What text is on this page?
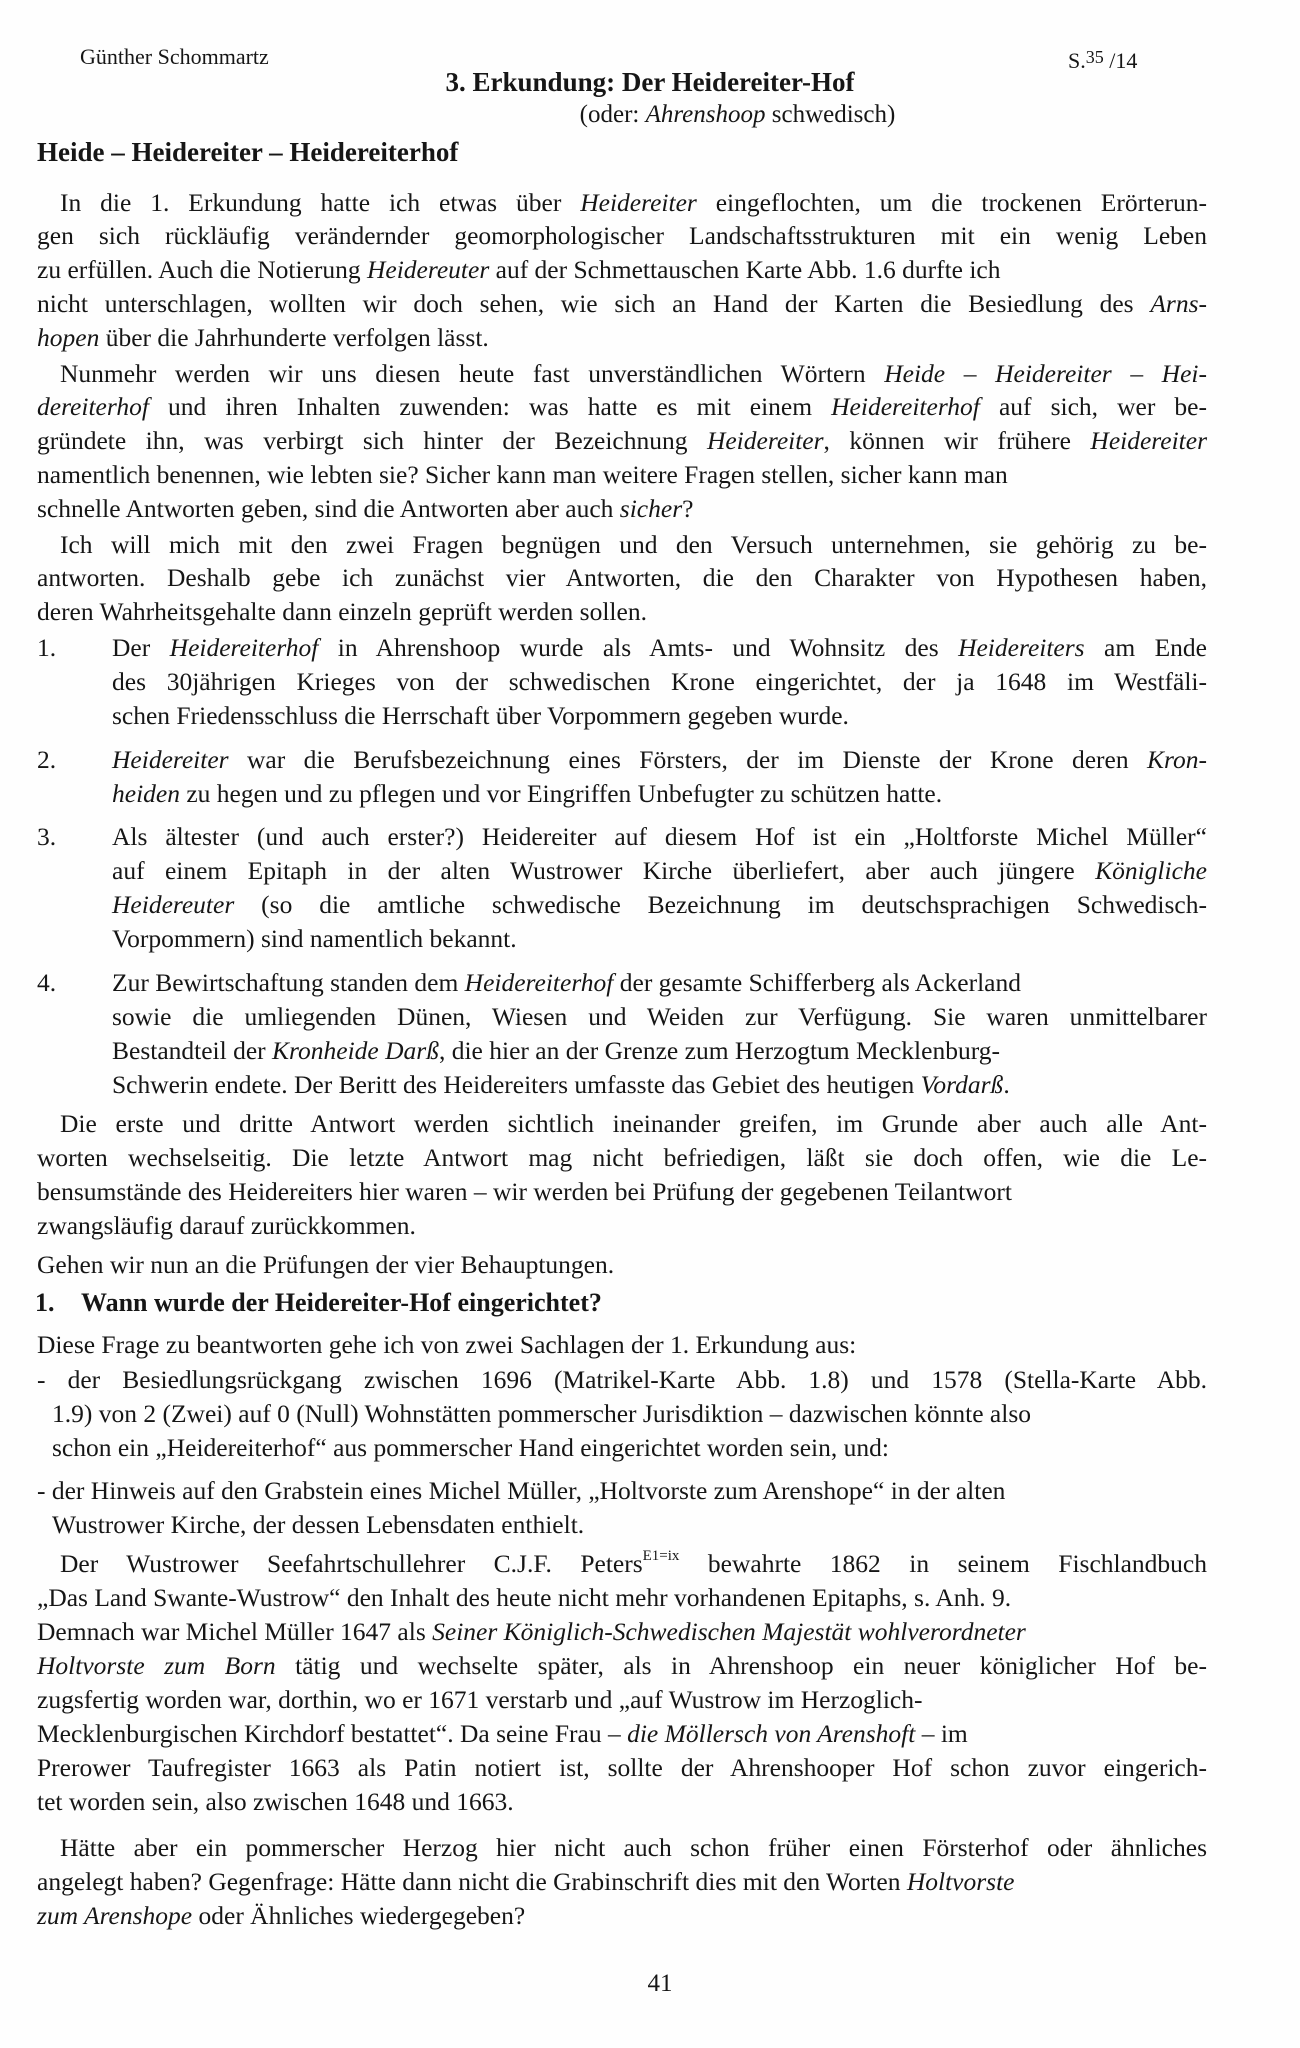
Günther Schommartz	S.$^{35}$ /14
3. Erkundung: Der Heidereiter-Hof
(oder: Ahrenshoop schwedisch)
Heide – Heidereiter – Heidereiterhof
In die 1. Erkundung hatte ich etwas über Heidereiter eingeflochten, um die trockenen Erörterun-
gen sich rückläufig verändernder geomorphologischer Landschaftsstrukturen mit ein wenig Leben
zu erfüllen. Auch die Notierung Heidereuter auf der Schmettauschen Karte Abb. 1.6 durfte ich
nicht unterschlagen, wollten wir doch sehen, wie sich an Hand der Karten die Besiedlung des Arns-
hopen über die Jahrhunderte verfolgen lässt.
Nunmehr werden wir uns diesen heute fast unverständlichen Wörtern Heide – Heidereiter – Hei-
dereiterhof und ihren Inhalten zuwenden: was hatte es mit einem Heidereiterhof auf sich, wer be-
gründete ihn, was verbirgt sich hinter der Bezeichnung Heidereiter, können wir frühere Heidereiter
namentlich benennen, wie lebten sie? Sicher kann man weitere Fragen stellen, sicher kann man
schnelle Antworten geben, sind die Antworten aber auch sicher?
Ich will mich mit den zwei Fragen begnügen und den Versuch unternehmen, sie gehörig zu be-
antworten. Deshalb gebe ich zunächst vier Antworten, die den Charakter von Hypothesen haben,
deren Wahrheitsgehalte dann einzeln geprüft werden sollen.
1. Der Heidereiterhof in Ahrenshoop wurde als Amts- und Wohnsitz des Heidereiters am Ende
des 30jährigen Krieges von der schwedischen Krone eingerichtet, der ja 1648 im Westfäli-
schen Friedensschluss die Herrschaft über Vorpommern gegeben wurde.
2. Heidereiter war die Berufsbezeichnung eines Försters, der im Dienste der Krone deren Kron-
heiden zu hegen und zu pflegen und vor Eingriffen Unbefugter zu schützen hatte.
3. Als ältester (und auch erster?) Heidereiter auf diesem Hof ist ein „Holtforste Michel Müller“
auf einem Epitaph in der alten Wustrower Kirche überliefert, aber auch jüngere Königliche
Heidereuter (so die amtliche schwedische Bezeichnung im deutschsprachigen Schwedisch-
Vorpommern) sind namentlich bekannt.
4. Zur Bewirtschaftung standen dem Heidereiterhof der gesamte Schifferberg als Ackerland
sowie die umliegenden Dünen, Wiesen und Weiden zur Verfügung. Sie waren unmittelbarer
Bestandteil der Kronheide Darß, die hier an der Grenze zum Herzogtum Mecklenburg-
Schwerin endete. Der Beritt des Heidereiters umfasste das Gebiet des heutigen Vordarß.
Die erste und dritte Antwort werden sichtlich ineinander greifen, im Grunde aber auch alle Ant-
worten wechselseitig. Die letzte Antwort mag nicht befriedigen, läßt sie doch offen, wie die Le-
bensumstände des Heidereiters hier waren – wir werden bei Prüfung der gegebenen Teilantwort
zwangsläufig darauf zurückkommen.
Gehen wir nun an die Prüfungen der vier Behauptungen.
1. Wann wurde der Heidereiter-Hof eingerichtet?
Diese Frage zu beantworten gehe ich von zwei Sachlagen der 1. Erkundung aus:
- der Besiedlungsrückgang zwischen 1696 (Matrikel-Karte Abb. 1.8) und 1578 (Stella-Karte Abb.
1.9) von 2 (Zwei) auf 0 (Null) Wohnstätten pommerscher Jurisdiktion – dazwischen könnte also
schon ein „Heidereiterhof“ aus pommerscher Hand eingerichtet worden sein, und:
- der Hinweis auf den Grabstein eines Michel Müller, „Holtvorste zum Arenshope“ in der alten
Wustrower Kirche, der dessen Lebensdaten enthielt.
Der Wustrower Seefahrtschullehrer C.J.F. Peters$^{E1=ix}$ bewahrte 1862 in seinem Fischlandbuch
„Das Land Swante-Wustrow“ den Inhalt des heute nicht mehr vorhandenen Epitaphs, s. Anh. 9.
Demnach war Michel Müller 1647 als Seiner Königlich-Schwedischen Majestät wohlverordneter
Holtvorste zum Born tätig und wechselte später, als in Ahrenshoop ein neuer königlicher Hof be-
zugsfertig worden war, dorthin, wo er 1671 verstarb und „auf Wustrow im Herzoglich-
Mecklenburgischen Kirchdorf bestattet“. Da seine Frau – die Möllersch von Arenshoft – im
Prerower Taufregister 1663 als Patin notiert ist, sollte der Ahrenshooper Hof schon zuvor eingerich-
tet worden sein, also zwischen 1648 und 1663.
Hätte aber ein pommerscher Herzog hier nicht auch schon früher einen Försterhof oder ähnliches
angelegt haben? Gegenfrage: Hätte dann nicht die Grabinschrift dies mit den Worten Holtvorste
zum Arenshope oder Ähnliches wiedergegeben?
41
